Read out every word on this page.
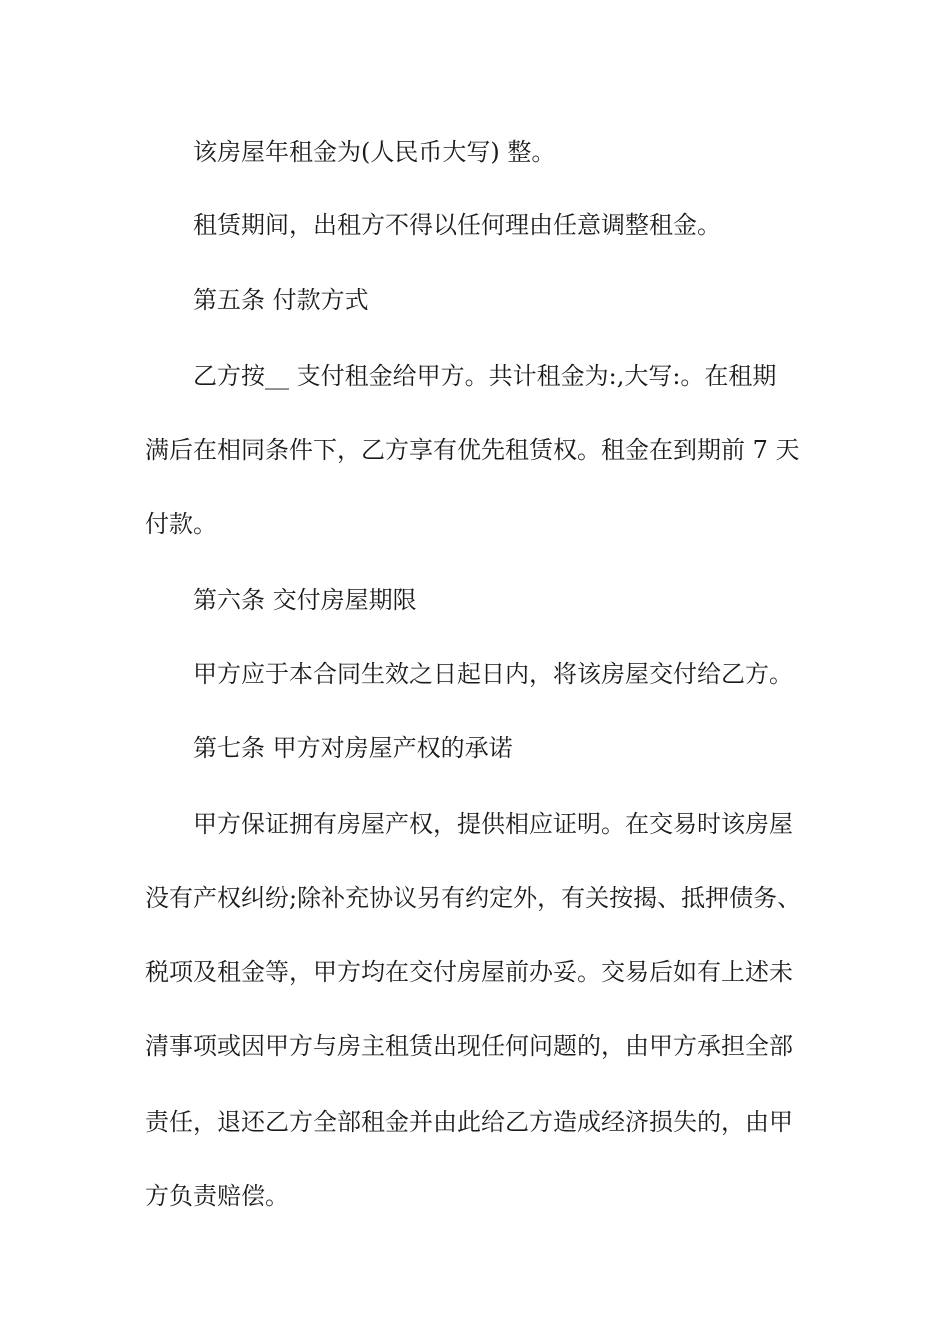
该房屋年租金为(人民币大写) 整。
租赁期间，出租方不得以任何理由任意调整租金。
第五条 付款方式
乙方按__ 支付租金给甲方。共计租金为:,大写:。在租期
满后在相同条件下，乙方享有优先租赁权。租金在到期前 7 天
付款。
第六条 交付房屋期限
甲方应于本合同生效之日起日内，将该房屋交付给乙方。
第七条 甲方对房屋产权的承诺
甲方保证拥有房屋产权，提供相应证明。在交易时该房屋
没有产权纠纷;除补充协议另有约定外，有关按揭、抵押债务、
税项及租金等，甲方均在交付房屋前办妥。交易后如有上述未
清事项或因甲方与房主租赁出现任何问题的，由甲方承担全部
责任，退还乙方全部租金并由此给乙方造成经济损失的，由甲
方负责赔偿。
